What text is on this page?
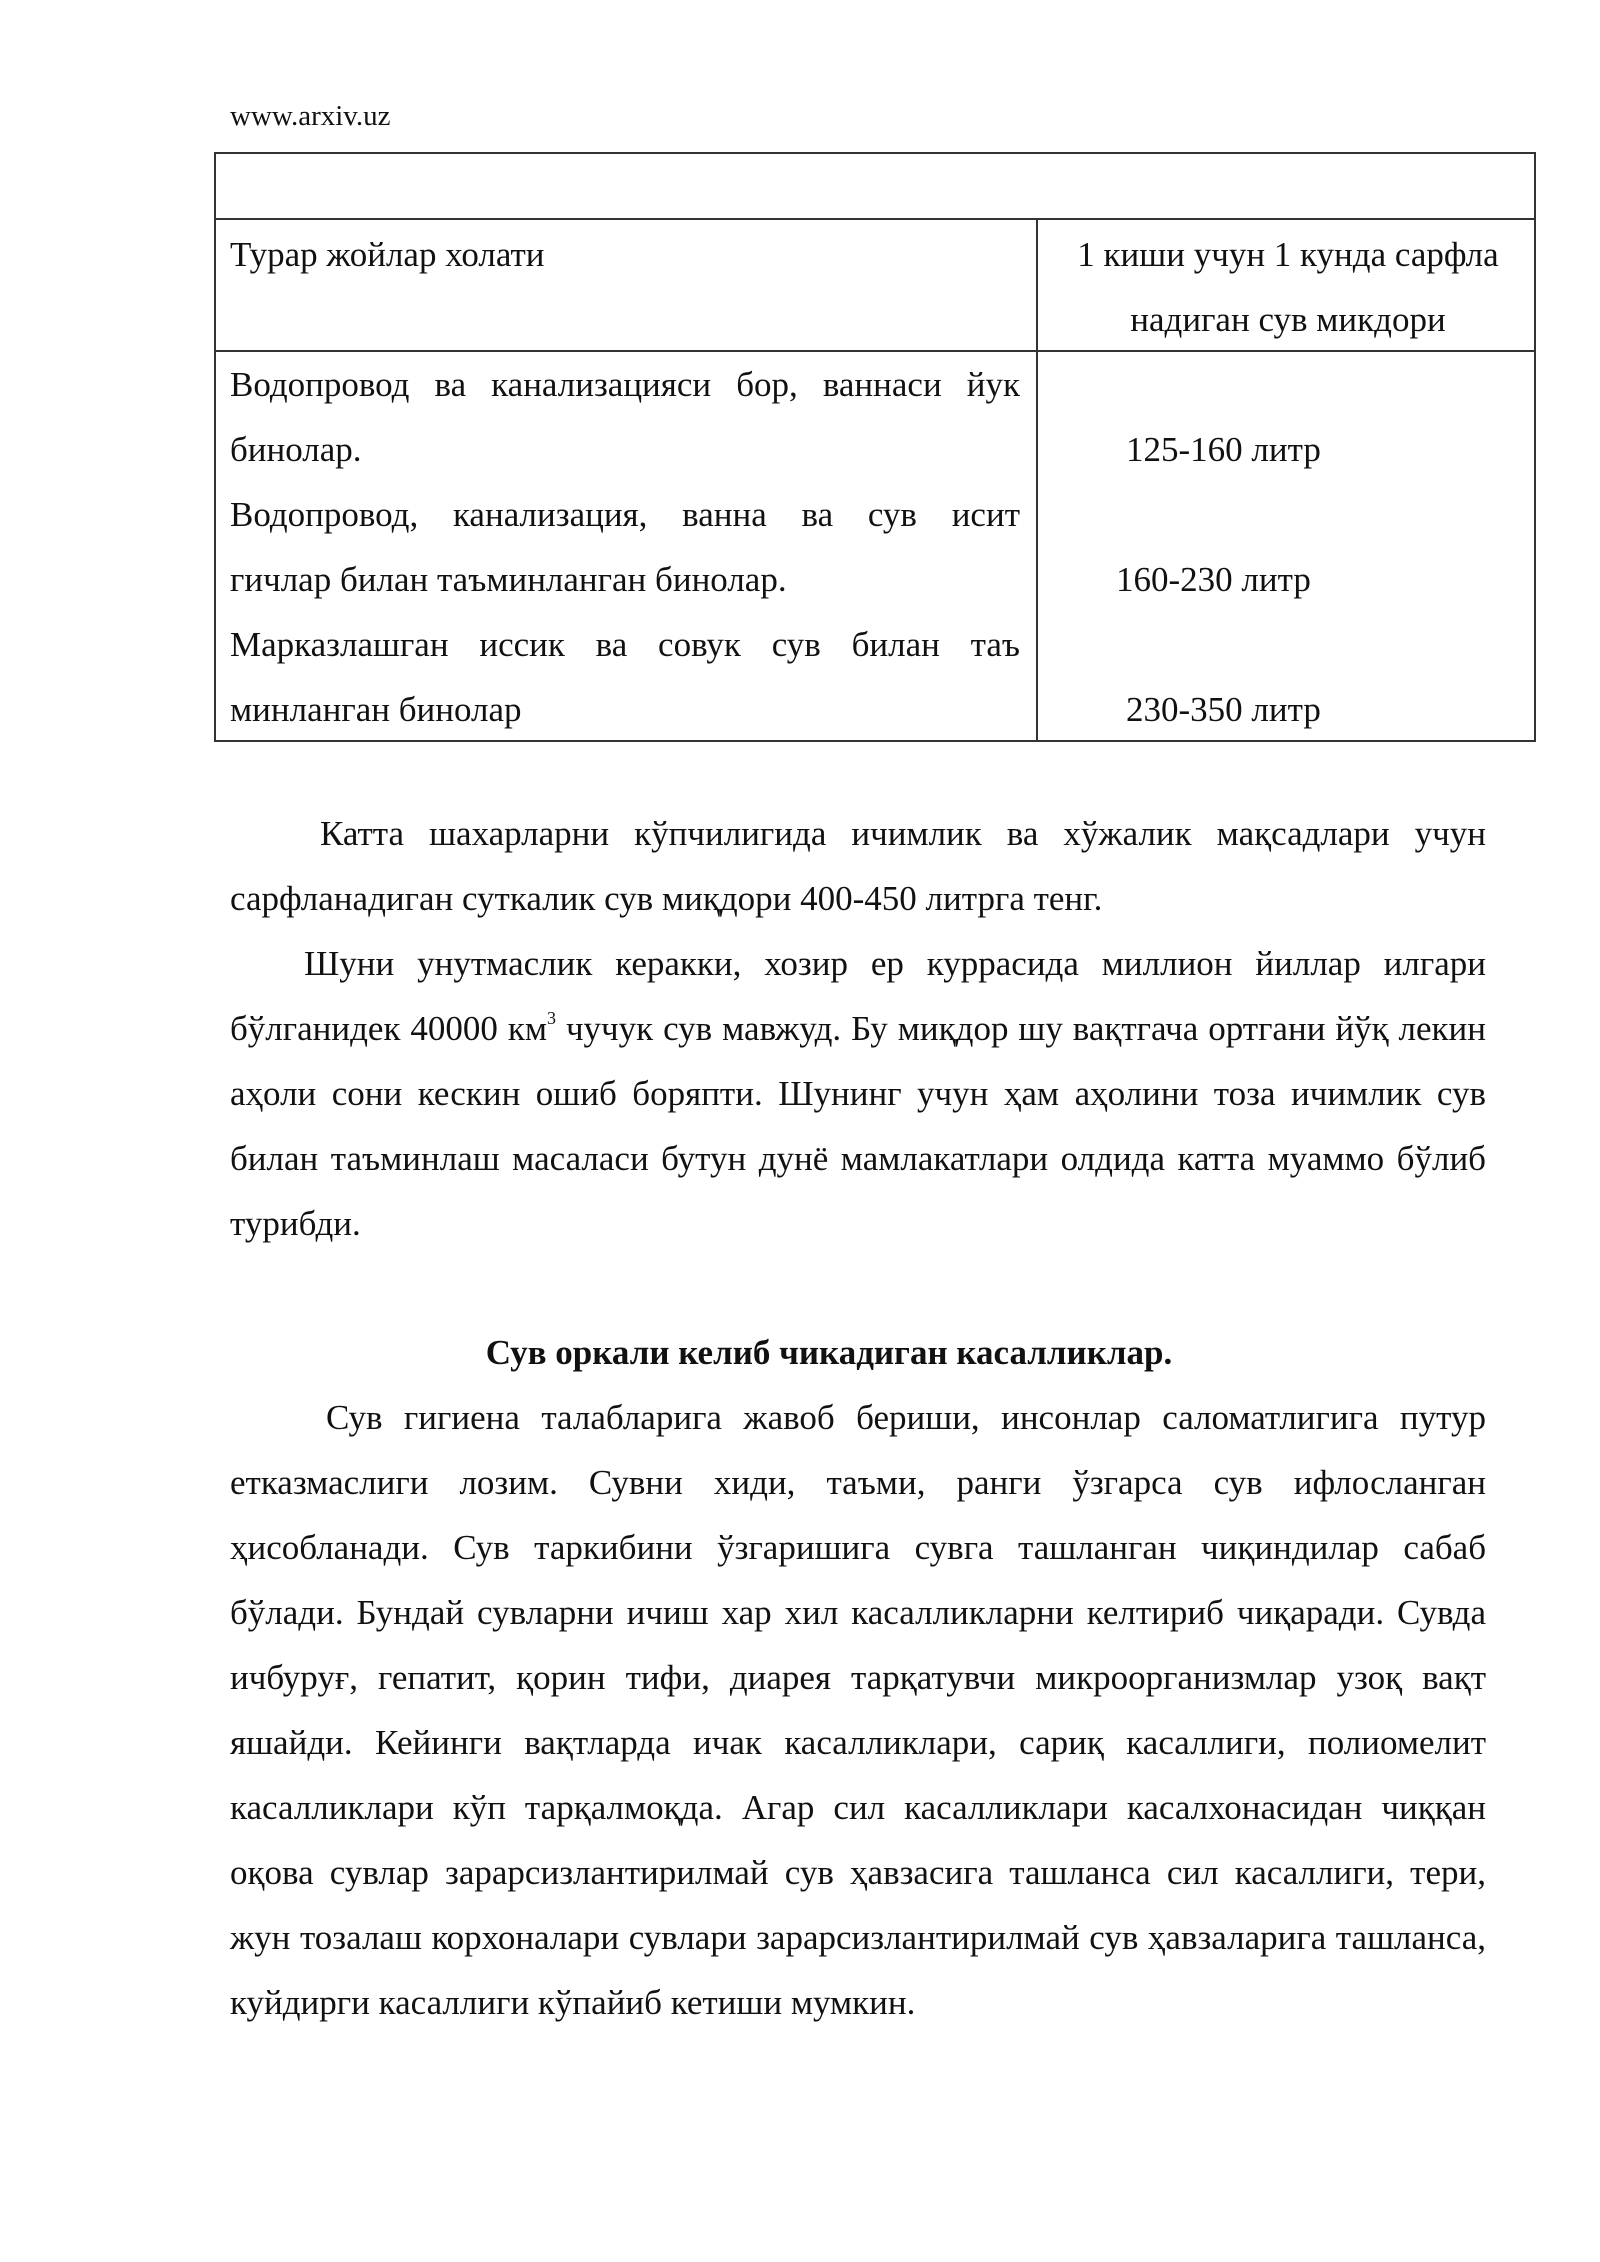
www.arxiv.uz
Турар жойлар холати	1 киши учун 1 кунда сарфла
надиган сув микдори
Водопровод ва канализацияси бор, ваннаси йук
бинолар.	125-160 литр
Водопровод, канализация, ванна ва сув исит
гичлар билан таъминланган бинолар.	160-230 литр
Марказлашган иссик ва совук сув билан таъ
минланган бинолар	230-350 литр

Катта шахарларни кўпчилигида ичимлик ва хўжалик мақсадлари учун сарфланадиган суткалик сув миқдори 400-450 литрга тенг.

Шуни унутмаслик керакки, хозир ер куррасида миллион йиллар илгари бўлганидек 40000 $км^3$ чучук сув мавжуд. Бу миқдор шу вақтгача ортгани йўқ лекин аҳоли сони кескин ошиб боряпти. Шунинг учун ҳам аҳолини тоза ичимлик сув билан таъминлаш масаласи бутун дунё мамлакатлари олдида катта муаммо бўлиб турибди.

Сув оркали келиб чикадиган касалликлар.

Сув гигиена талабларига жавоб бериши, инсонлар саломатлигига путур етказмаслиги лозим. Сувни хиди, таъми, ранги ўзгарса сув ифлосланган ҳисобланади. Сув таркибини ўзгаришига сувга ташланган чиқиндилар сабаб бўлади. Бундай сувларни ичиш хар хил касалликларни келтириб чиқаради. Сувда ичбуруғ, гепатит, қорин тифи, диарея тарқатувчи микроорганизмлар узоқ вақт яшайди. Кейинги вақтларда ичак касалликлари, сариқ касаллиги, полиомелит касалликлари кўп тарқалмоқда. Агар сил касалликлари касалхонасидан чиққан оқова сувлар зарарсизлантирилмай сув ҳавзасига ташланса сил касаллиги, тери, жун тозалаш корхоналари сувлари зарарсизлантирилмай сув ҳавзаларига ташланса, куйдирги касаллиги кўпайиб кетиши мумкин.
